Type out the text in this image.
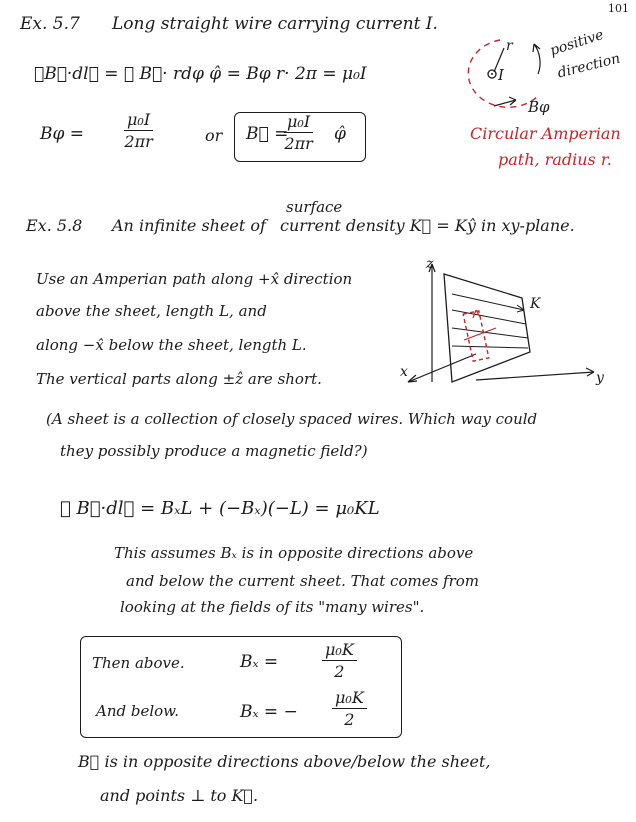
101
Ex. 5.7 Long straight wire carrying current I.
∮B⃗·dl⃗ = ∮ B⃗· rdφ φ̂ = Bφ r· 2π = μ₀I
$B\varphi = \frac{\text{μ₀I}}{2\pi r}$	or B⃗ =
$\frac{\text{μ₀I}}{2\pi r}$ φ̂
r
I
positive
direction
Bφ
Circular Amperian
path, radius r.
Ex. 5.8 An infinite sheet of
surface
current density K⃗ = Kŷ in xy-plane.
Use an Amperian path along +x̂ direction
above the sheet, length L, and
along −x̂ below the sheet, length L.
The vertical parts along ±ẑ are short.
z
K
x	y
(A sheet is a collection of closely spaced wires. Which way could
they possibly produce a magnetic field?)
∮ B⃗·dl⃗ = BₓL + (−Bₓ)(−L) = μ₀KL
This assumes Bₓ is in opposite directions above
and below the current sheet. That comes from
looking at the fields of its "many wires".
Then above.	Bₓ =	$\frac{\text{μ₀K}}{2}$
And below.	Bₓ = − $\frac{\text{μ₀K}}{2}$
B⃗ is in opposite directions above/below the sheet,
and points ⊥ to K⃗.
